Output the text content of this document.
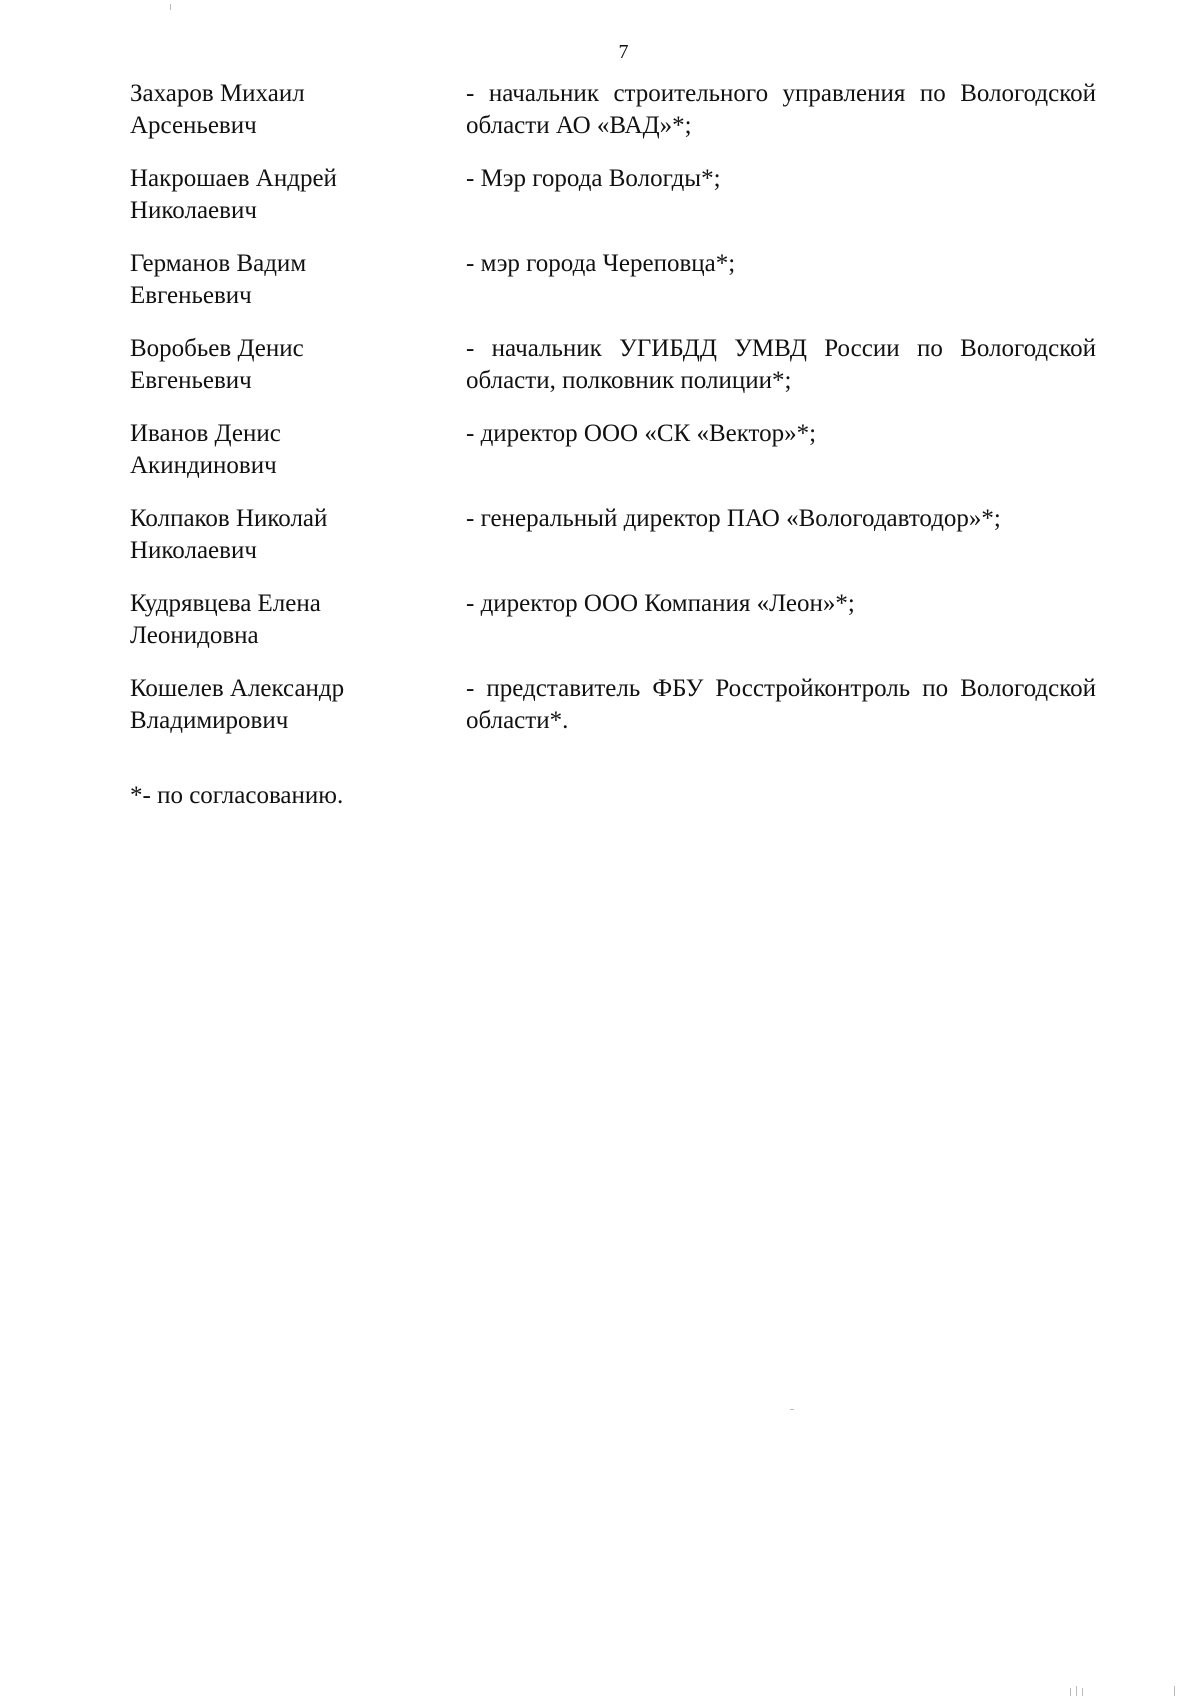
7
Захаров Михаил
Арсеньевич
- начальник строительного управления по Вологодской области АО «ВАД»*;
Накрошаев Андрей
Николаевич
- Мэр города Вологды*;
Германов Вадим
Евгеньевич
- мэр города Череповца*;
Воробьев Денис
Евгеньевич
- начальник УГИБДД УМВД России по Вологодской области, полковник полиции*;
Иванов Денис
Акиндинович
- директор ООО «СК «Вектор»*;
Колпаков Николай
Николаевич
- генеральный директор ПАО «Вологодавтодор»*;
Кудрявцева Елена
Леонидовна
- директор ООО Компания «Леон»*;
Кошелев Александр
Владимирович
- представитель ФБУ Росстройконтроль по Вологодской области*.
*- по согласованию.
